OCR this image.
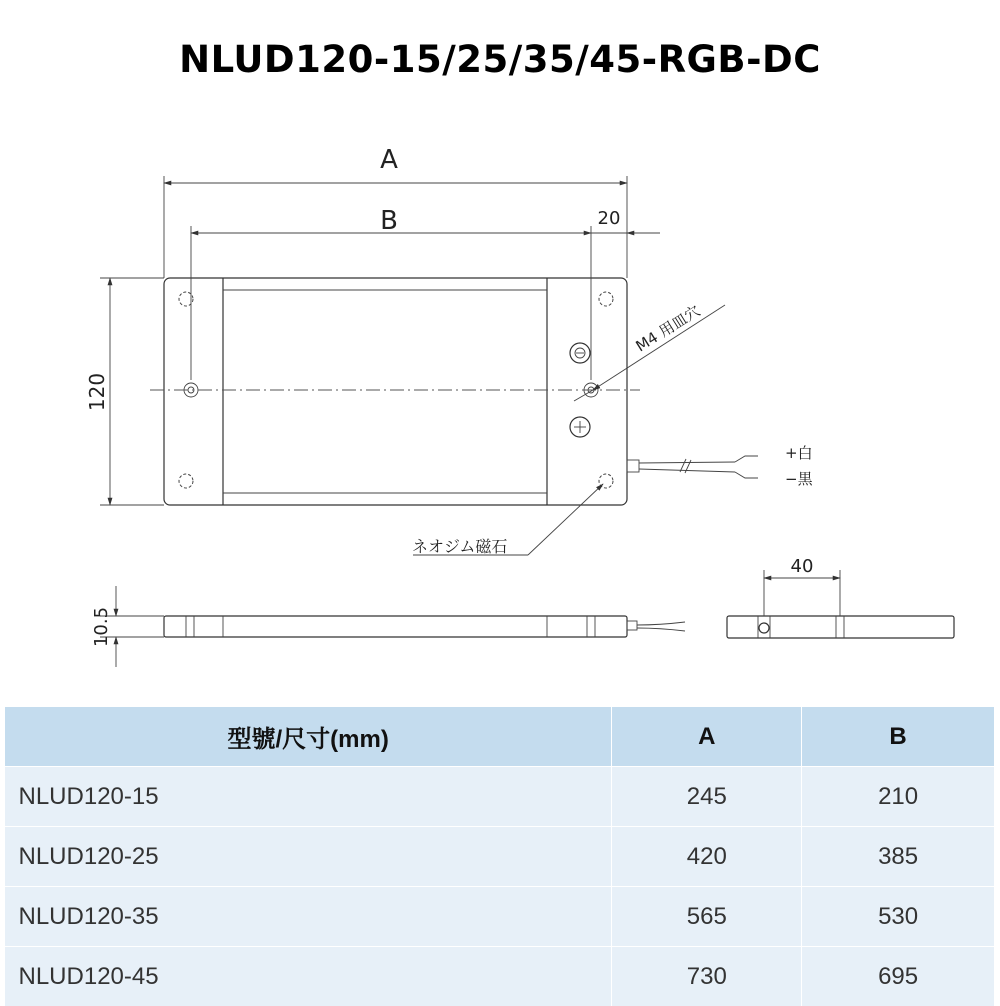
NLUD120-15/25/35/45-RGB-DC
+白
−黒
A
B	20
120
M4 用皿穴
ネオジム磁石
10.5
40
型號/尺寸(mm)	A	B
NLUD120-15	245	210
NLUD120-25	420	385
NLUD120-35	565	530
NLUD120-45	730	695
